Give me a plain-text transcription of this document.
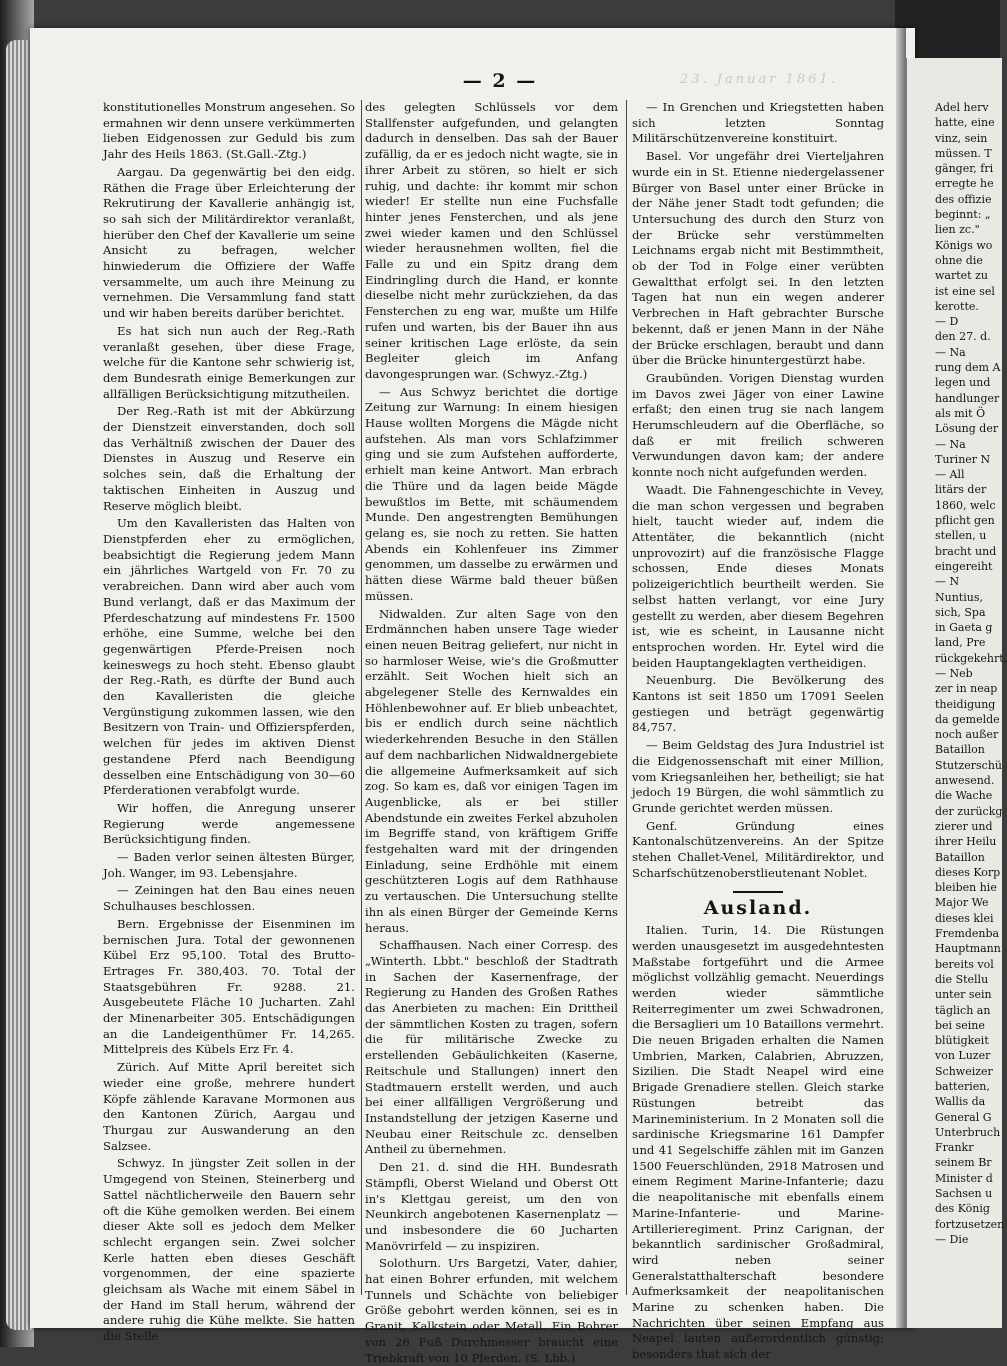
23. Januar 1861.
— 2 —

konstitutionelles Monstrum angesehen. So ermahnen wir denn unsere verkümmerten lieben Eidgenossen zur Geduld bis zum Jahr des Heils 1863. (St.Gall.-Ztg.)

Aargau. Da gegenwärtig bei den eidg. Räthen die Frage über Erleichterung der Rekrutirung der Kavallerie anhängig ist, so sah sich der Militärdirektor veranlaßt, hierüber den Chef der Kavallerie um seine Ansicht zu befragen, welcher hinwiederum die Offiziere der Waffe versammelte, um auch ihre Meinung zu vernehmen. Die Versammlung fand statt und wir haben bereits darüber berichtet.

Es hat sich nun auch der Reg.-Rath veranlaßt gesehen, über diese Frage, welche für die Kantone sehr schwierig ist, dem Bundesrath einige Bemerkungen zur allfälligen Berücksichtigung mitzutheilen.

Der Reg.-Rath ist mit der Abkürzung der Dienstzeit einverstanden, doch soll das Verhältniß zwischen der Dauer des Dienstes in Auszug und Reserve ein solches sein, daß die Erhaltung der taktischen Einheiten in Auszug und Reserve möglich bleibt.

Um den Kavalleristen das Halten von Dienstpferden eher zu ermöglichen, beabsichtigt die Regierung jedem Mann ein jährliches Wartgeld von Fr. 70 zu verabreichen. Dann wird aber auch vom Bund verlangt, daß er das Maximum der Pferdeschatzung auf mindestens Fr. 1500 erhöhe, eine Summe, welche bei den gegenwärtigen Pferde-Preisen noch keineswegs zu hoch steht. Ebenso glaubt der Reg.-Rath, es dürfte der Bund auch den Kavalleristen die gleiche Vergünstigung zukommen lassen, wie den Besitzern von Train- und Offizierspferden, welchen für jedes im aktiven Dienst gestandene Pferd nach Beendigung desselben eine Entschädigung von 30—60 Pferderationen verabfolgt wurde.

Wir hoffen, die Anregung unserer Regierung werde angemessene Berücksichtigung finden.

— Baden verlor seinen ältesten Bürger, Joh. Wanger, im 93. Lebensjahre.

— Zeiningen hat den Bau eines neuen Schulhauses beschlossen.

Bern. Ergebnisse der Eisenminen im bernischen Jura. Total der gewonnenen Kübel Erz 95,100. Total des Brutto-Ertrages Fr. 380,403. 70. Total der Staatsgebühren Fr. 9288. 21. Ausgebeutete Fläche 10 Jucharten. Zahl der Minenarbeiter 305. Entschädigungen an die Landeigenthümer Fr. 14,265. Mittelpreis des Kübels Erz Fr. 4.

Zürich. Auf Mitte April bereitet sich wieder eine große, mehrere hundert Köpfe zählende Karavane Mormonen aus den Kantonen Zürich, Aargau und Thurgau zur Auswanderung an den Salzsee.

Schwyz. In jüngster Zeit sollen in der Umgegend von Steinen, Steinerberg und Sattel nächtlicherweile den Bauern sehr oft die Kühe gemolken werden. Bei einem dieser Akte soll es jedoch dem Melker schlecht ergangen sein. Zwei solcher Kerle hatten eben dieses Geschäft vorgenommen, der eine spazierte gleichsam als Wache mit einem Säbel in der Hand im Stall herum, während der andere ruhig die Kühe melkte. Sie hatten die Stelle

des gelegten Schlüssels vor dem Stallfenster aufgefunden, und gelangten dadurch in denselben. Das sah der Bauer zufällig, da er es jedoch nicht wagte, sie in ihrer Arbeit zu stören, so hielt er sich ruhig, und dachte: ihr kommt mir schon wieder! Er stellte nun eine Fuchsfalle hinter jenes Fensterchen, und als jene zwei wieder kamen und den Schlüssel wieder herausnehmen wollten, fiel die Falle zu und ein Spitz drang dem Eindringling durch die Hand, er konnte dieselbe nicht mehr zurückziehen, da das Fensterchen zu eng war, mußte um Hilfe rufen und warten, bis der Bauer ihn aus seiner kritischen Lage erlöste, da sein Begleiter gleich im Anfang davongesprungen war. (Schwyz.-Ztg.)

— Aus Schwyz berichtet die dortige Zeitung zur Warnung: In einem hiesigen Hause wollten Morgens die Mägde nicht aufstehen. Als man vors Schlafzimmer ging und sie zum Aufstehen aufforderte, erhielt man keine Antwort. Man erbrach die Thüre und da lagen beide Mägde bewußtlos im Bette, mit schäumendem Munde. Den angestrengten Bemühungen gelang es, sie noch zu retten. Sie hatten Abends ein Kohlenfeuer ins Zimmer genommen, um dasselbe zu erwärmen und hätten diese Wärme bald theuer büßen müssen.

Nidwalden. Zur alten Sage von den Erdmännchen haben unsere Tage wieder einen neuen Beitrag geliefert, nur nicht in so harmloser Weise, wie's die Großmutter erzählt. Seit Wochen hielt sich an abgelegener Stelle des Kernwaldes ein Höhlenbewohner auf. Er blieb unbeachtet, bis er endlich durch seine nächtlich wiederkehrenden Besuche in den Ställen auf dem nachbarlichen Nidwaldnergebiete die allgemeine Aufmerksamkeit auf sich zog. So kam es, daß vor einigen Tagen im Augenblicke, als er bei stiller Abendstunde ein zweites Ferkel abzuholen im Begriffe stand, von kräftigem Griffe festgehalten ward mit der dringenden Einladung, seine Erdhöhle mit einem geschützteren Logis auf dem Rathhause zu vertauschen. Die Untersuchung stellte ihn als einen Bürger der Gemeinde Kerns heraus.

Schaffhausen. Nach einer Corresp. des „Winterth. Lbbt." beschloß der Stadtrath in Sachen der Kasernenfrage, der Regierung zu Handen des Großen Rathes das Anerbieten zu machen: Ein Drittheil der sämmtlichen Kosten zu tragen, sofern die für militärische Zwecke zu erstellenden Gebäulichkeiten (Kaserne, Reitschule und Stallungen) innert den Stadtmauern erstellt werden, und auch bei einer allfälligen Vergrößerung und Instandstellung der jetzigen Kaserne und Neubau einer Reitschule zc. denselben Antheil zu übernehmen.

Den 21. d. sind die HH. Bundesrath Stämpfli, Oberst Wieland und Oberst Ott in's Klettgau gereist, um den von Neunkirch angebotenen Kasernenplatz — und insbesondere die 60 Jucharten Manövrirfeld — zu inspiziren.

Solothurn. Urs Bargetzi, Vater, dahier, hat einen Bohrer erfunden, mit welchem Tunnels und Schächte von beliebiger Größe gebohrt werden können, sei es in Granit, Kalkstein oder Metall. Ein Bohrer von 26 Fuß Durchmesser braucht eine Triebkraft von 10 Pferden. (S. Lbb.)

— In Grenchen und Kriegstetten haben sich letzten Sonntag Militärschützenvereine konstituirt.

Basel. Vor ungefähr drei Vierteljahren wurde ein in St. Etienne niedergelassener Bürger von Basel unter einer Brücke in der Nähe jener Stadt todt gefunden; die Untersuchung des durch den Sturz von der Brücke sehr verstümmelten Leichnams ergab nicht mit Bestimmtheit, ob der Tod in Folge einer verübten Gewaltthat erfolgt sei. In den letzten Tagen hat nun ein wegen anderer Verbrechen in Haft gebrachter Bursche bekennt, daß er jenen Mann in der Nähe der Brücke erschlagen, beraubt und dann über die Brücke hinuntergestürzt habe.

Graubünden. Vorigen Dienstag wurden im Davos zwei Jäger von einer Lawine erfaßt; den einen trug sie nach langem Herumschleudern auf die Oberfläche, so daß er mit freilich schweren Verwundungen davon kam; der andere konnte noch nicht aufgefunden werden.

Waadt. Die Fahnengeschichte in Vevey, die man schon vergessen und begraben hielt, taucht wieder auf, indem die Attentäter, die bekanntlich (nicht unprovozirt) auf die französische Flagge schossen, Ende dieses Monats polizeigerichtlich beurtheilt werden. Sie selbst hatten verlangt, vor eine Jury gestellt zu werden, aber diesem Begehren ist, wie es scheint, in Lausanne nicht entsprochen worden. Hr. Eytel wird die beiden Hauptangeklagten vertheidigen.

Neuenburg. Die Bevölkerung des Kantons ist seit 1850 um 17091 Seelen gestiegen und beträgt gegenwärtig 84,757.

— Beim Geldstag des Jura Industriel ist die Eidgenossenschaft mit einer Million, vom Kriegsanleihen her, betheiligt; sie hat jedoch 19 Bürgen, die wohl sämmtlich zu Grunde gerichtet werden müssen.

Genf. Gründung eines Kantonalschützenvereins. An der Spitze stehen Challet-Venel, Militärdirektor, und Scharfschützenoberstlieutenant Noblet.

Ausland.

Italien. Turin, 14. Die Rüstungen werden unausgesetzt im ausgedehntesten Maßstabe fortgeführt und die Armee möglichst vollzählig gemacht. Neuerdings werden wieder sämmtliche Reiterregimenter um zwei Schwadronen, die Bersaglieri um 10 Bataillons vermehrt. Die neuen Brigaden erhalten die Namen Umbrien, Marken, Calabrien, Abruzzen, Sizilien. Die Stadt Neapel wird eine Brigade Grenadiere stellen. Gleich starke Rüstungen betreibt das Marineministerium. In 2 Monaten soll die sardinische Kriegsmarine 161 Dampfer und 41 Segelschiffe zählen mit im Ganzen 1500 Feuerschlünden, 2918 Matrosen und einem Regiment Marine-Infanterie; dazu die neapolitanische mit ebenfalls einem Marine-Infanterie- und Marine-Artillerieregiment. Prinz Carignan, der bekanntlich sardinischer Großadmiral, wird neben seiner Generalstatthalterschaft besondere Aufmerksamkeit der neapolitanischen Marine zu schenken haben. Die Nachrichten über seinen Empfang aus Neapel lauten außerordentlich günstig; besonders that sich der

Adel herv

hatte, eine

vinz, sein

müssen. T

gänger, fri

erregte he

des offizie

beginnt: „

lien zc."

Königs wo

ohne die

wartet zu

ist eine sel

kerotte.

— D

den 27. d.

— Na

rung dem A

legen und

handlunger

als mit Ö

Lösung der

— Na

Turiner N

— All

litärs der

1860, welc

pflicht gen

stellen, u

bracht und

eingereiht

— N

Nuntius,

sich, Spa

in Gaeta g

land, Pre

rückgekehrt.

— Neb

zer in neap

theidigung

da gemelde

noch außer

Bataillon

Stutzerschü

anwesend.

die Wache

der zurückg

zierer und

ihrer Heilu

Bataillon

dieses Korp

bleiben hie

Major We

dieses klei

Fremdenba

Hauptmann

bereits vol

die Stellu

unter sein

täglich an

bei seine

blütigkeit

von Luzer

Schweizer

batterien,

Wallis da

General G

Unterbruch

Frankr

seinem Br

Minister d

Sachsen u

des König

fortzusetzen

— Die
